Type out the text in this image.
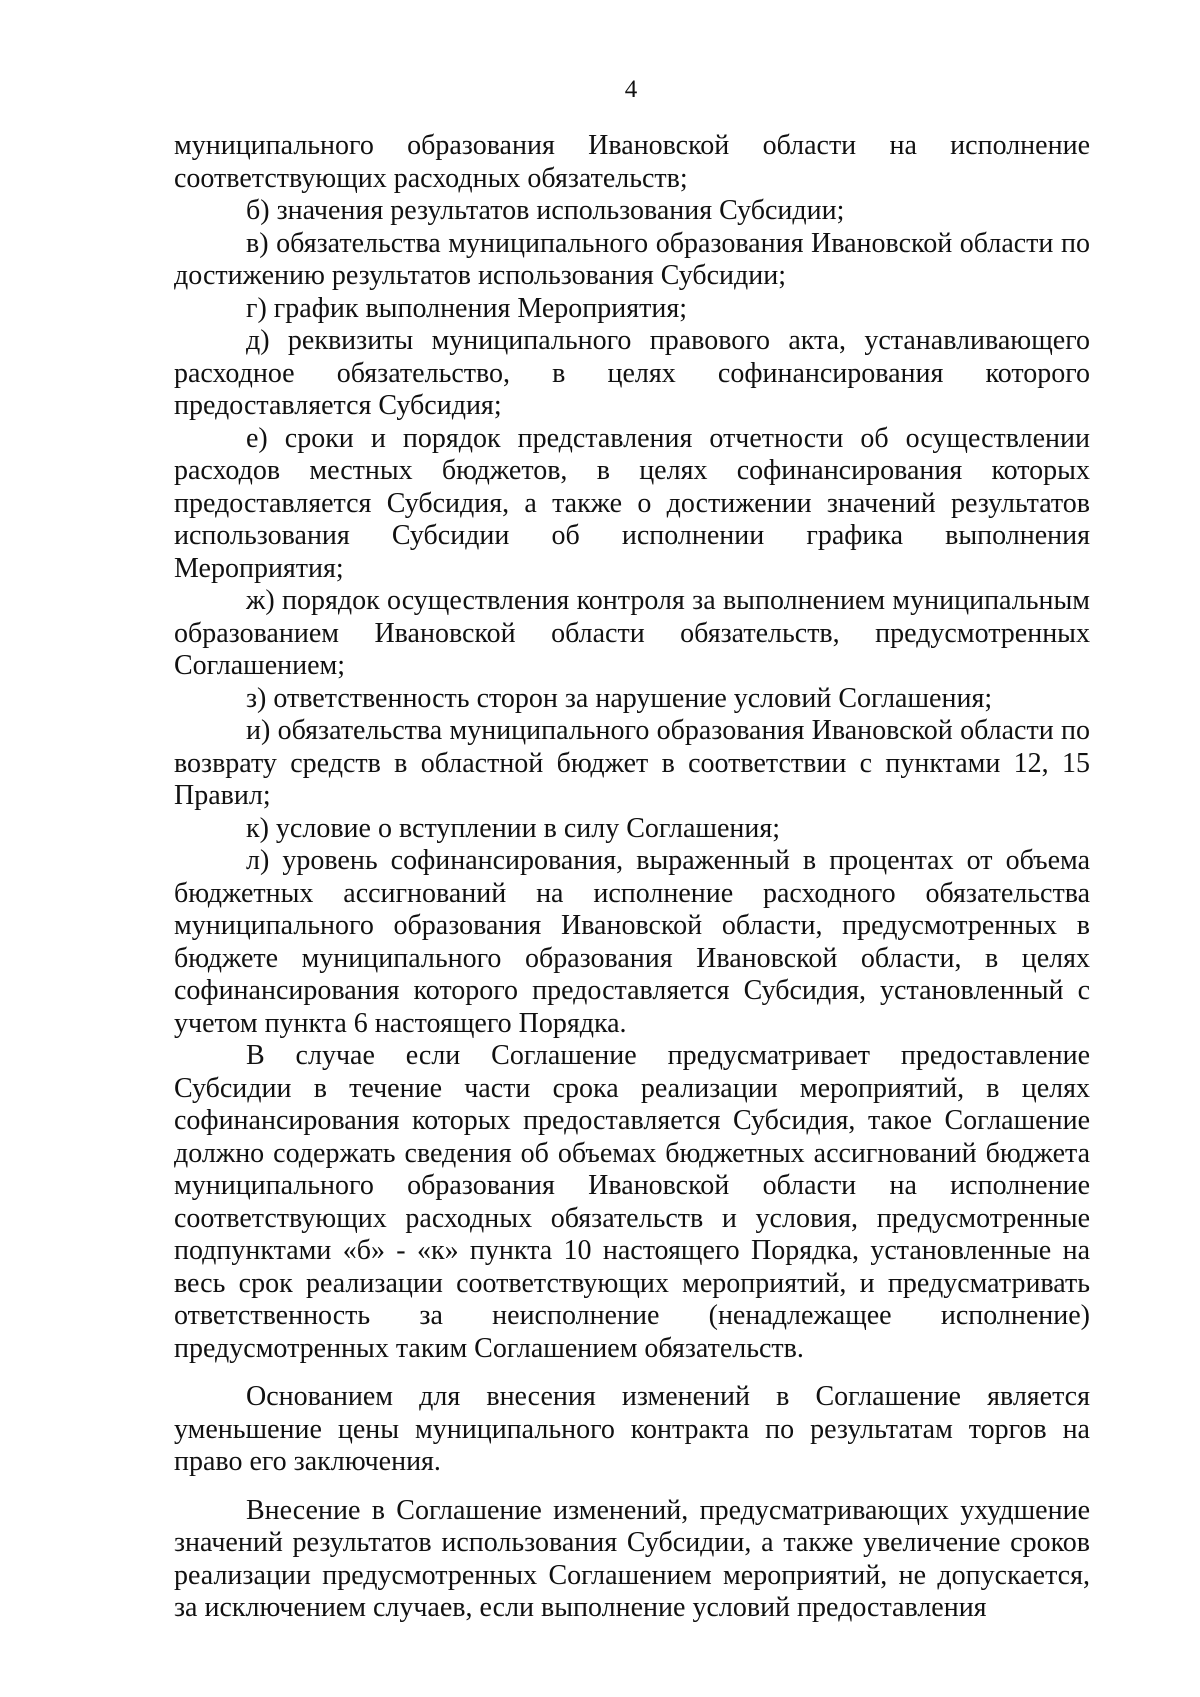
4

муниципального образования Ивановской области на исполнение соответствующих расходных обязательств;

б) значения результатов использования Субсидии;

в) обязательства муниципального образования Ивановской области по достижению результатов использования Субсидии;

г) график выполнения Мероприятия;

д) реквизиты муниципального правового акта, устанавливающего расходное обязательство, в целях софинансирования которого предоставляется Субсидия;

е) сроки и порядок представления отчетности об осуществлении расходов местных бюджетов, в целях софинансирования которых предоставляется Субсидия, а также о достижении значений результатов использования Субсидии об исполнении графика выполнения Мероприятия;

ж) порядок осуществления контроля за выполнением муниципальным образованием Ивановской области обязательств, предусмотренных Соглашением;

з) ответственность сторон за нарушение условий Соглашения;

и) обязательства муниципального образования Ивановской области по возврату средств в областной бюджет в соответствии с пунктами 12, 15 Правил;

к) условие о вступлении в силу Соглашения;

л) уровень софинансирования, выраженный в процентах от объема бюджетных ассигнований на исполнение расходного обязательства муниципального образования Ивановской области, предусмотренных в бюджете муниципального образования Ивановской области, в целях софинансирования которого предоставляется Субсидия, установленный с учетом пункта 6 настоящего Порядка.

В случае если Соглашение предусматривает предоставление Субсидии в течение части срока реализации мероприятий, в целях софинансирования которых предоставляется Субсидия, такое Соглашение должно содержать сведения об объемах бюджетных ассигнований бюджета муниципального образования Ивановской области на исполнение соответствующих расходных обязательств и условия, предусмотренные подпунктами «б» - «к» пункта 10 настоящего Порядка, установленные на весь срок реализации соответствующих мероприятий, и предусматривать ответственность за неисполнение (ненадлежащее исполнение) предусмотренных таким Соглашением обязательств.

Основанием для внесения изменений в Соглашение является уменьшение цены муниципального контракта по результатам торгов на право его заключения.

Внесение в Соглашение изменений, предусматривающих ухудшение значений результатов использования Субсидии, а также увеличение сроков реализации предусмотренных Соглашением мероприятий, не допускается, за исключением случаев, если выполнение условий предоставления
